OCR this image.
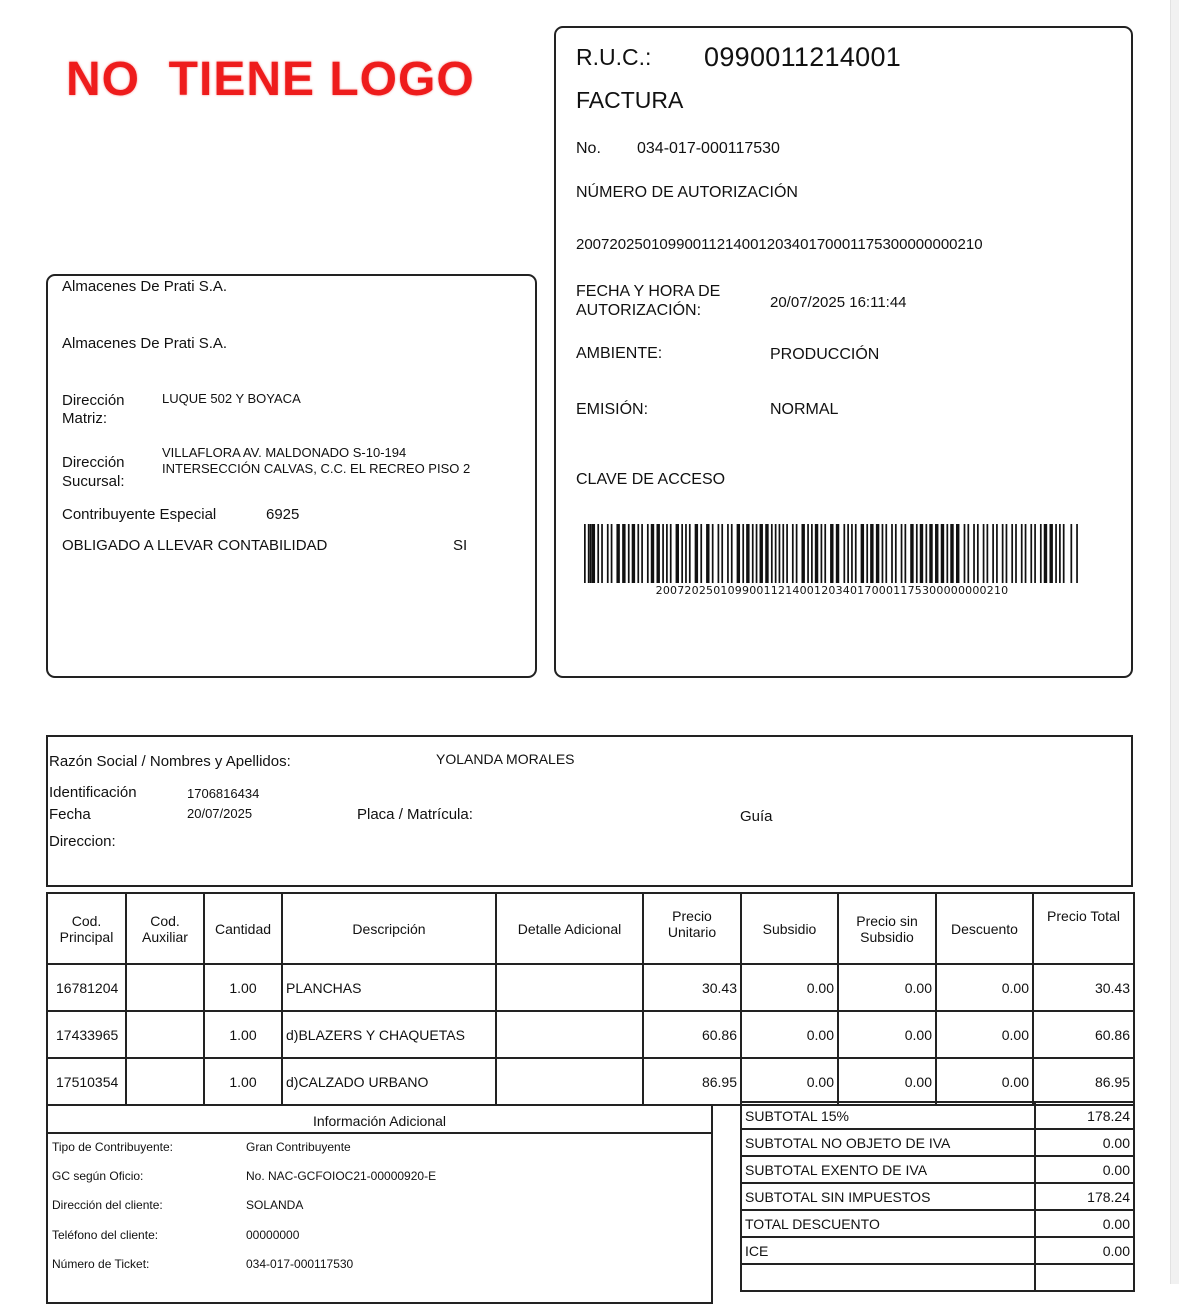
NO  TIENE LOGO	R.U.C.: 0990011214001
FACTURA
No. 034-017-000117530
NÚMERO DE AUTORIZACIÓN
2007202501099001121400120340170001175300000000210
FECHA Y HORA DE
AUTORIZACIÓN:	20/07/2025 16:11:44
AMBIENTE:	PRODUCCIÓN
EMISIÓN:	NORMAL
CLAVE DE ACCESO
2007202501099001121400120340170001175300000000210
Almacenes De Prati S.A.
Almacenes De Prati S.A.
Dirección
Matriz:
LUQUE 502 Y BOYACA
Dirección
Sucursal:
VILLAFLORA AV. MALDONADO S-10-194
INTERSECCIÓN CALVAS, C.C. EL RECREO PISO 2
Contribuyente Especial	6925
OBLIGADO A LLEVAR CONTABILIDAD	SI
Razón Social / Nombres y Apellidos:	YOLANDA MORALES
Identificación	1706816434
Fecha	20/07/2025	Placa / Matrícula:	Guía
Direccion:
Cod. Principal	Cod. Auxiliar	Cantidad	Descripción	Detalle Adicional	Precio Unitario	Subsidio	Precio sin Subsidio	Descuento	Precio Total
16781204		1.00	PLANCHAS		30.43	0.00	0.00	0.00	30.43
17433965		1.00	d)BLAZERS Y CHAQUETAS		60.86	0.00	0.00	0.00	60.86
17510354		1.00	d)CALZADO URBANO		86.95	0.00	0.00	0.00	86.95
Información Adicional
Tipo de Contribuyente:	Gran Contribuyente
GC según Oficio:	No. NAC-GCFOIOC21-00000920-E
Dirección del cliente:	SOLANDA
Teléfono del cliente:	00000000
Número de Ticket:	034-017-000117530
SUBTOTAL 15%	178.24
SUBTOTAL NO OBJETO DE IVA	0.00
SUBTOTAL EXENTO DE IVA	0.00
SUBTOTAL SIN IMPUESTOS	178.24
TOTAL DESCUENTO	0.00
ICE	0.00
